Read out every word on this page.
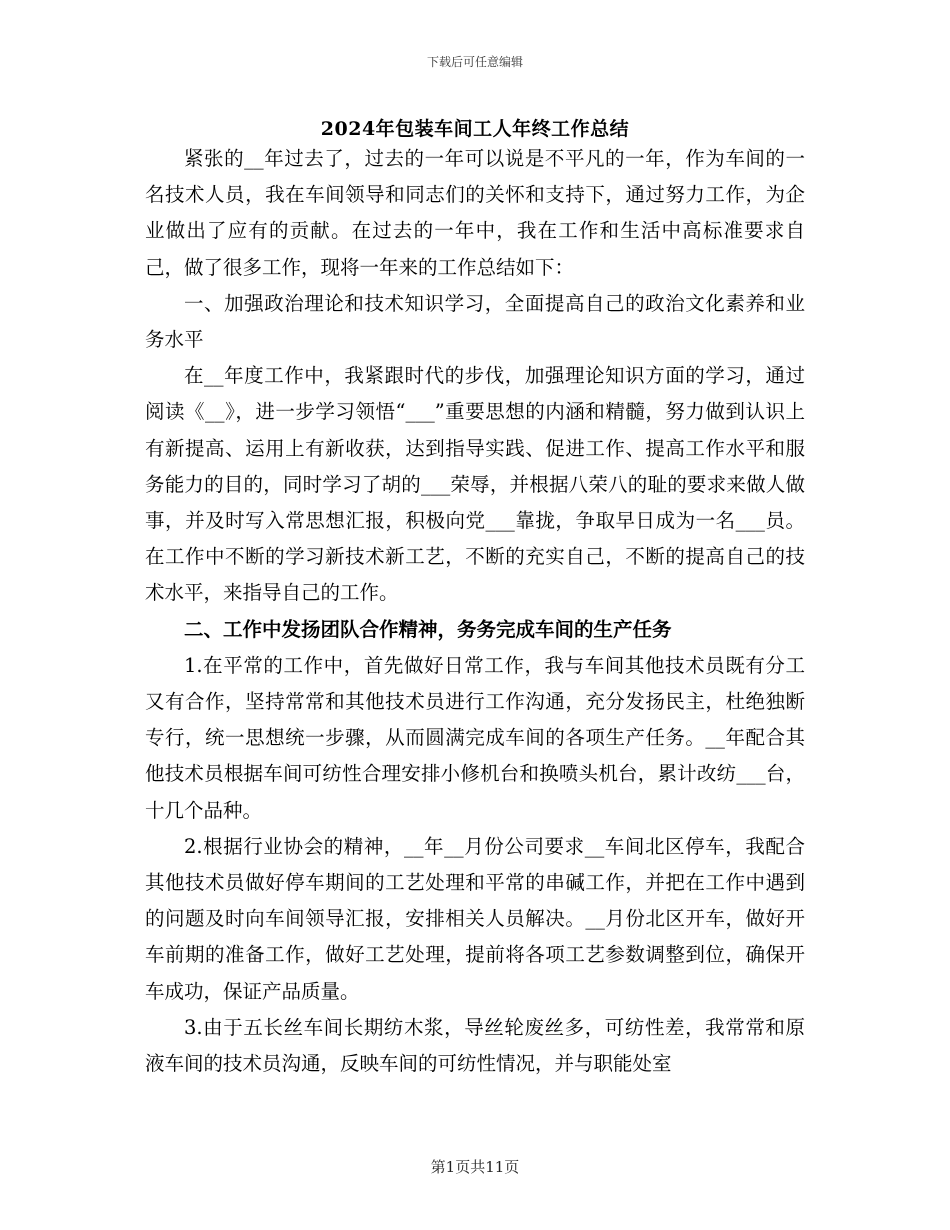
下载后可任意编辑
2024年包装车间工人年终工作总结

紧张的__年过去了，过去的一年可以说是不平凡的一年，作为车间的一名技术人员，我在车间领导和同志们的关怀和支持下，通过努力工作，为企业做出了应有的贡献。在过去的一年中，我在工作和生活中高标准要求自己，做了很多工作，现将一年来的工作总结如下：

一、加强政治理论和技术知识学习，全面提高自己的政治文化素养和业务水平

在__年度工作中，我紧跟时代的步伐，加强理论知识方面的学习，通过阅读《__》，进一步学习领悟“___”重要思想的内涵和精髓，努力做到认识上有新提高、运用上有新收获，达到指导实践、促进工作、提高工作水平和服务能力的目的，同时学习了胡的___荣辱，并根据八荣八的耻的要求来做人做事，并及时写入常思想汇报，积极向党___靠拢，争取早日成为一名___员。在工作中不断的学习新技术新工艺，不断的充实自己，不断的提高自己的技术水平，来指导自己的工作。

二、工作中发扬团队合作精神，务务完成车间的生产任务

1.在平常的工作中，首先做好日常工作，我与车间其他技术员既有分工又有合作，坚持常常和其他技术员进行工作沟通，充分发扬民主，杜绝独断专行，统一思想统一步骤，从而圆满完成车间的各项生产任务。__年配合其他技术员根据车间可纺性合理安排小修机台和换喷头机台，累计改纺___台，十几个品种。

2.根据行业协会的精神，__年__月份公司要求__车间北区停车，我配合其他技术员做好停车期间的工艺处理和平常的串碱工作，并把在工作中遇到的问题及时向车间领导汇报，安排相关人员解决。__月份北区开车，做好开车前期的准备工作，做好工艺处理，提前将各项工艺参数调整到位，确保开车成功，保证产品质量。

3.由于五长丝车间长期纺木浆，导丝轮废丝多，可纺性差，我常常和原液车间的技术员沟通，反映车间的可纺性情况，并与职能处室

第1页共11页
